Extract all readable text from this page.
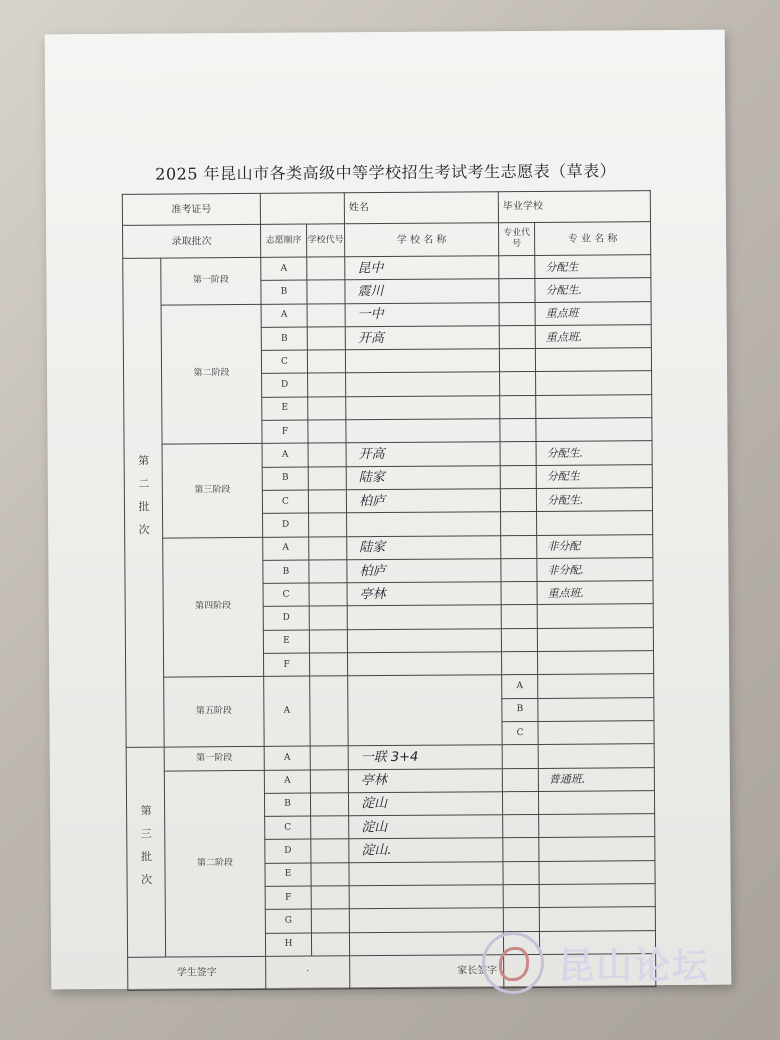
2025 年昆山市各类高级中等学校招生考试考生志愿表（草表）
准考证号				姓名	毕业学校	
录取批次		志愿顺序	学校代号	学 校 名 称	专业代号	专 业 名 称
第二批次	第一阶段	A		昆中		分配生
		B		震川		分配生.
	第二阶段	A		一中		重点班
		B		开高		重点班.
		C				
		D				
		E				
		F				
	第三阶段	A		开高		分配生.
		B		陆家		分配生
		C		柏庐		分配生.
		D				
	第四阶段	A		陆家		非分配
		B		柏庐		非分配.
		C		亭林		重点班.
		D				
		E				
		F				
	第五阶段	A			A	
					B	
					C	
第三批次	第一阶段	A		一联 3+4		
	第二阶段	A		亭林		普通班.
		B		淀山		
		C		淀山		
		D		淀山.		
		E				
		F				
		G				
		H				
学生签字		·		家长签字		昆山论坛
